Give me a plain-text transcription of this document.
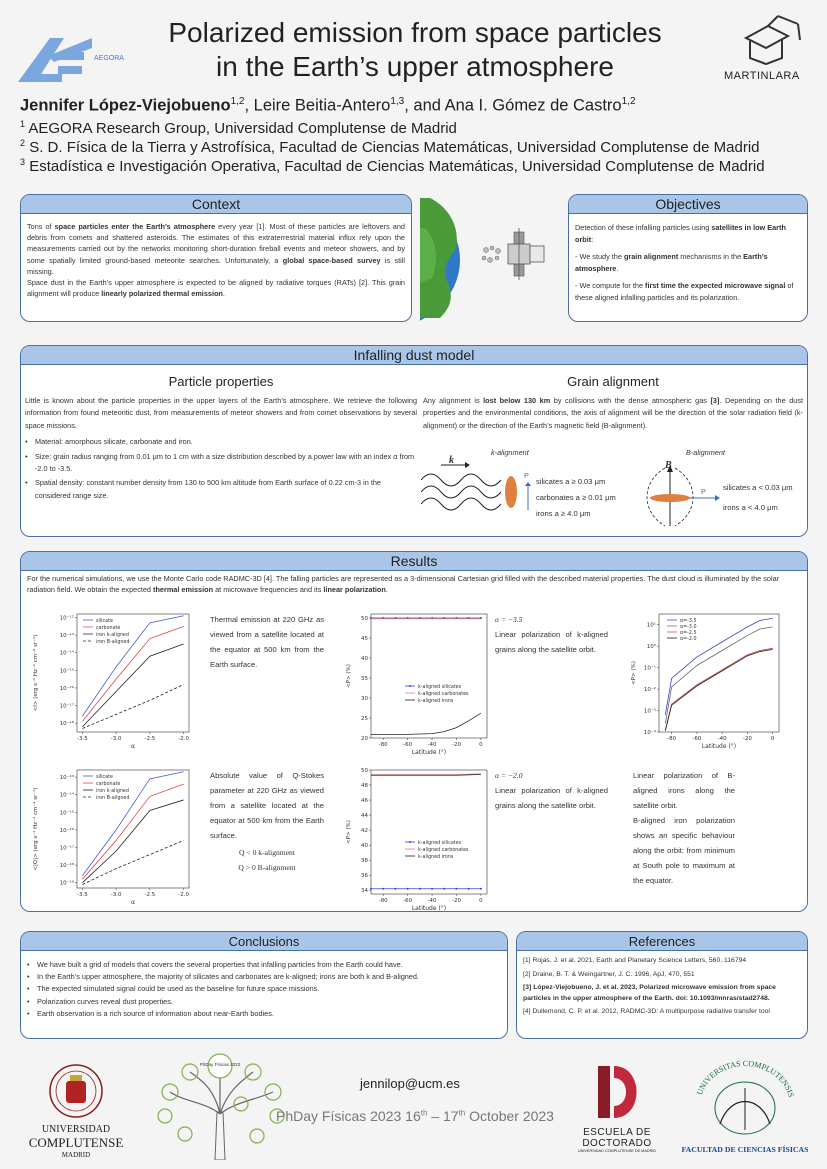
AEGORA
Polarized emission from space particles
in the Earth’s upper atmosphere	MARTINLARA
Jennifer López-Viejobueno$^{1,2}$, Leire Beitia-Antero$^{1,3}$, and Ana I. Gómez de Castro$^{1,2}$
$^1$ AEGORA Research Group, Universidad Complutense de Madrid
$^2$ S. D. Física de la Tierra y Astrofísica, Facultad de Ciencias Matemáticas, Universidad Complutense de Madrid
$^3$ Estadística e Investigación Operativa, Facultad de Ciencias Matemáticas, Universidad Complutense de Madrid
Context
Tons of space particles enter the Earth’s atmosphere every year [1]. Most of these particles are leftovers and debris from comets and shattered asteroids. The estimates of this extraterrestrial material influx rely upon the measurements carried out by the networks monitoring short-duration fireball events and meteor showers, and by some spatially limited ground-based meteorite searches. Unfortunately, a global space-based survey is still missing.
Space dust in the Earth’s upper atmosphere is expected to be aligned by radiative torques (RATs) [2]. This grain alignment will produce linearly polarized thermal emission.
Objectives
Detection of these infalling particles using satellites in low Earth orbit:
- We study the grain alignment mechanisms in the Earth’s atmosphere.
- We compute for the first time the expected microwave signal of these aligned infalling particles and its polarization.
Infalling dust model
Particle properties
Little is known about the particle properties in the upper layers of the Earth’s atmosphere. We retrieve the following information from found meteoritic dust, from measurements of meteor showers and from comet observations by several space missions.
• Material: amorphous silicate, carbonate and iron.
• Size: grain radius ranging from 0.01 μm to 1 cm with a size distribution described by a power law with an index α from -2.0 to -3.5.
• Spatial density: constant number density from 130 to 500 km altitude from Earth surface of 0.22 cm-3 in the considered range size.
Grain alignment
Any alignment is lost below 130 km by collisions with the dense atmospheric gas [3]. Depending on the dust properties and the environmental conditions, the axis of alignment will be the direction of the solar radiation field (k-alignment) or the direction of the Earth’s magnetic field (B-alignment).
k-alignment	B-alignment
k
P
silicates a ≥ 0.03 μm
carbonates a ≥ 0.01 μm
irons a ≥ 4.0 μm
B
P silicates a < 0.03 μm
irons a < 4.0 μm
Results
For the numerical simulations, we use the Monte Carlo code RADMC-3D [4]. The falling particles are represented as a 3-dimensional Cartesian grid filled with the described material properties. The dust cloud is illuminated by the solar radiation field. We obtain the expected thermal emission at microwave frequencies and its linear polarization.
-3.5	-3.0	-2.5	-2.0
α
10⁻¹²
10⁻¹³
10⁻¹⁴
10⁻¹⁵
10⁻¹⁶
10⁻¹⁷
10⁻¹⁸
<I> (erg s⁻¹ Hz⁻¹ cm⁻² sr⁻¹)
silicate
carbonate
iron k-aligned
iron B-aligned
-3.5	-3.0	-2.5	-2.0
α
10⁻¹³
10⁻¹⁴
10⁻¹⁵
10⁻¹⁶
10⁻¹⁷
10⁻¹⁸
10⁻¹⁹
<|Q|> (erg s⁻¹ Hz⁻¹ cm⁻² sr⁻¹)
silicate
carbonate
iron k-aligned
iron B-aligned
-80	-60	-40	-20	0
Latitude (°)
20
25
30
35
40
45
50
<P> (%)	k-aligned silicates
k-aligned carbonates
k-aligned irons
-80	-60	-40	-20	0
Latitude (°)
34
36
38
40
42
44
46
48
50
<P> (%)	k-aligned silicates
k-aligned carbonates
k-aligned irons
-80	-60	-40	-20	0
Latitude (°)
10¹
10⁰
10⁻¹
10⁻²
10⁻³
10⁻⁴
<P> (%)
α=-3.5
α=-3.0
α=-2.5
α=-2.0
Thermal emission at 220 GHz as viewed from a satellite located at the equator at 500 km from the Earth surface.
Absolute value of Q-Stokes parameter at 220 GHz as viewed from a satellite located at the equator at 500 km from the Earth surface.
Q < 0 k-alignment
Q > 0 B-alignment
α = −3.5
Linear polarization of k-aligned grains along the satellite orbit.
α = −2.0
Linear polarization of k-aligned grains along the satellite orbit.
Linear polarization of B-aligned irons along the satellite orbit.
B-aligned iron polarization shows an specific behaviour along the orbit: from minimum at South pole to maximum at the equator.
Conclusions
• We have built a grid of models that covers the several properties that infalling particles from the Earth could have.
• In the Earth’s upper atmosphere, the majority of silicates and carbonates are k-aligned; irons are both k and B-aligned.
• The expected simulated signal could be used as the baseline for future space missions.
• Polarization curves reveal dust properties.
• Earth observation is a rich source of information about near-Earth bodies.
References
[1] Rojas, J. et al. 2021, Earth and Planetary Science Letters, 560, 116794
[2] Draine, B. T. & Weingartner, J. C. 1996, ApJ, 470, 551
[3] López-Viejobueno, J. et al. 2023, Polarized microwave emission from space particles in the upper atmosphere of the Earth. doi: 10.1093/mnras/stad2748.
[4] Dullemond, C. P. et al. 2012, RADMC-3D: A multipurpose radiative transfer tool
UNIVERSIDAD
COMPLUTENSE
MADRID
PhDay Físicas 2023
jennilop@ucm.es
PhDay Físicas 2023 16th – 17th October 2023
ESCUELA DE
DOCTORADO
UNIVERSIDAD COMPLUTENSE DE MADRID
UNIVERSITAS COMPLUTENSIS
FACULTAD DE CIENCIAS FÍSICAS
